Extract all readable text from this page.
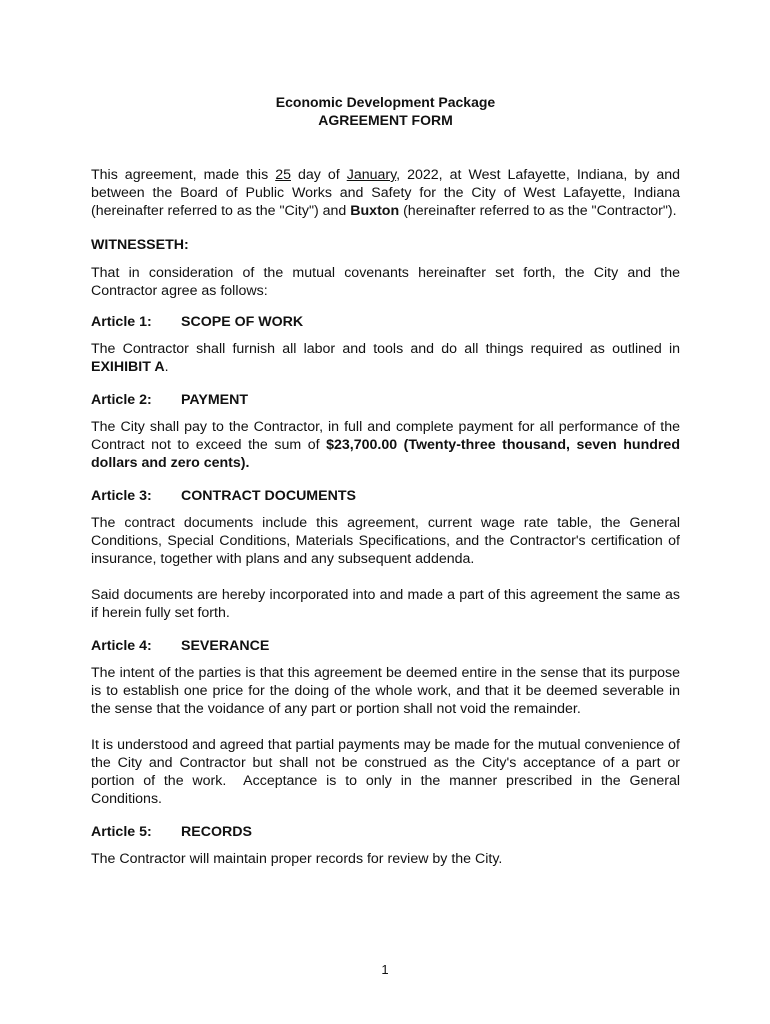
Economic Development Package

AGREEMENT FORM

This agreement, made this 25 day of January, 2022, at West Lafayette, Indiana, by and between the Board of Public Works and Safety for the City of West Lafayette, Indiana (hereinafter referred to as the "City") and Buxton (hereinafter referred to as the "Contractor").

WITNESSETH:

That in consideration of the mutual covenants hereinafter set forth, the City and the Contractor agree as follows:

Article 1:	SCOPE OF WORK

The Contractor shall furnish all labor and tools and do all things required as outlined in EXIHIBIT A.

Article 2:	PAYMENT

The City shall pay to the Contractor, in full and complete payment for all performance of the Contract not to exceed the sum of $23,700.00 (Twenty-three thousand, seven hundred dollars and zero cents).

Article 3:	CONTRACT DOCUMENTS

The contract documents include this agreement, current wage rate table, the General Conditions, Special Conditions, Materials Specifications, and the Contractor's certification of insurance, together with plans and any subsequent addenda.

Said documents are hereby incorporated into and made a part of this agreement the same as if herein fully set forth.

Article 4:	SEVERANCE

The intent of the parties is that this agreement be deemed entire in the sense that its purpose is to establish one price for the doing of the whole work, and that it be deemed severable in the sense that the voidance of any part or portion shall not void the remainder.

It is understood and agreed that partial payments may be made for the mutual convenience of the City and Contractor but shall not be construed as the City's acceptance of a part or portion of the work.  Acceptance is to only in the manner prescribed in the General Conditions.

Article 5:	RECORDS

The Contractor will maintain proper records for review by the City.

1
